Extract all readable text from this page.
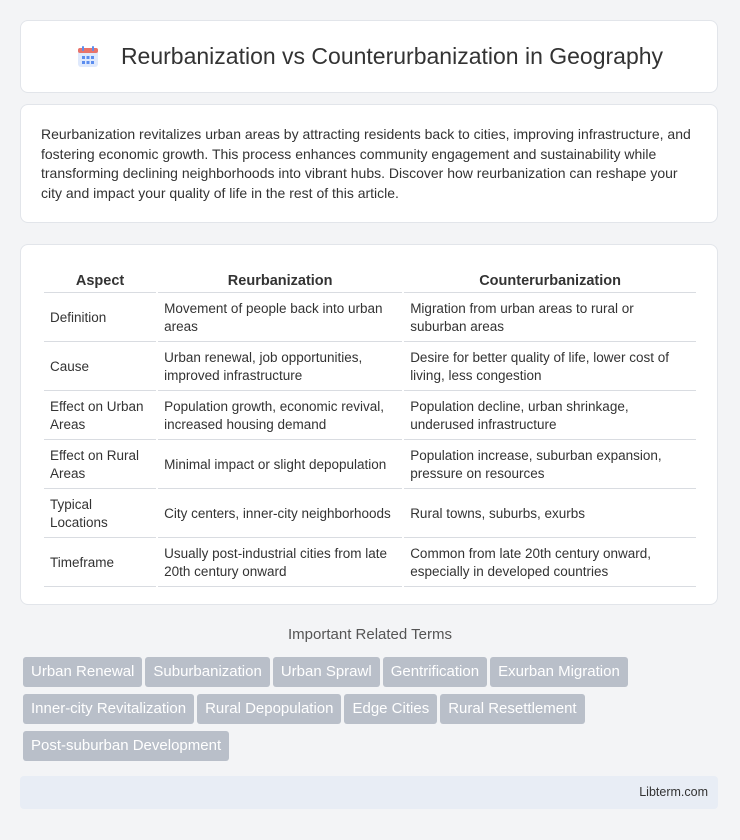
Reurbanization vs Counterurbanization in Geography

Reurbanization revitalizes urban areas by attracting residents back to cities, improving infrastructure, and fostering economic growth. This process enhances community engagement and sustainability while transforming declining neighborhoods into vibrant hubs. Discover how reurbanization can reshape your city and impact your quality of life in the rest of this article.

Aspect	Reurbanization	Counterurbanization
Definition	Movement of people back into urban areas	Migration from urban areas to rural or suburban areas
Cause	Urban renewal, job opportunities, improved infrastructure	Desire for better quality of life, lower cost of living, less congestion
Effect on Urban Areas	Population growth, economic revival, increased housing demand	Population decline, urban shrinkage, underused infrastructure
Effect on Rural Areas	Minimal impact or slight depopulation	Population increase, suburban expansion, pressure on resources
Typical Locations	City centers, inner-city neighborhoods	Rural towns, suburbs, exurbs
Timeframe	Usually post-industrial cities from late 20th century onward	Common from late 20th century onward, especially in developed countries
Important Related Terms
Urban Renewal Suburbanization Urban Sprawl Gentrification Exurban MigrationInner-city Revitalization Rural Depopulation Edge Cities Rural ResettlementPost-suburban Development
Libterm.com
